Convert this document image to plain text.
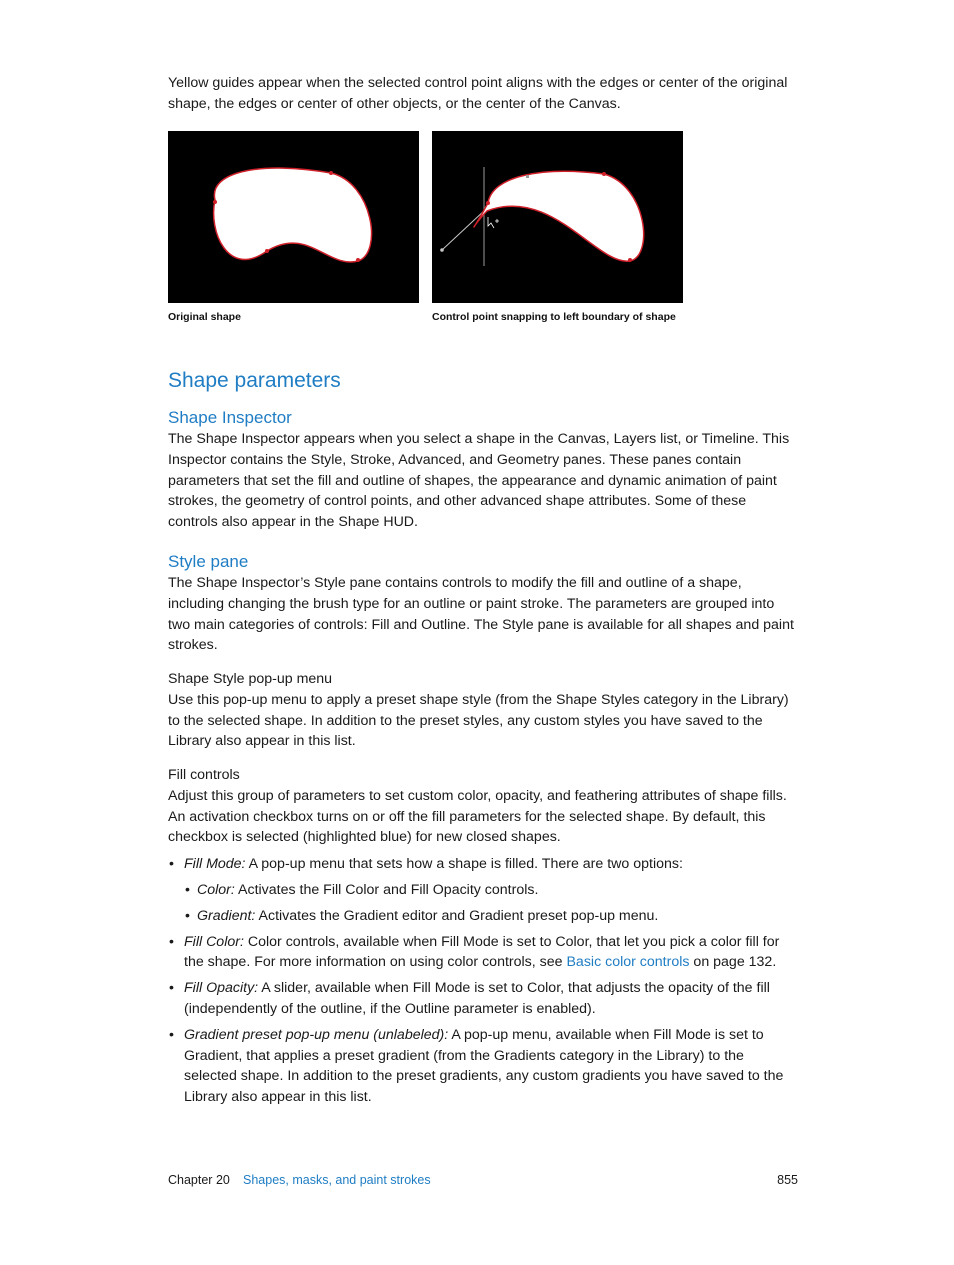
Yellow guides appear when the selected control point aligns with the edges or center of the original shape, the edges or center of other objects, or the center of the Canvas.

Original shape	Control point snapping to left boundary of shape
Shape parameters
Shape Inspector

The Shape Inspector appears when you select a shape in the Canvas, Layers list, or Timeline. This Inspector contains the Style, Stroke, Advanced, and Geometry panes. These panes contain parameters that set the fill and outline of shapes, the appearance and dynamic animation of paint strokes, the geometry of control points, and other advanced shape attributes. Some of these controls also appear in the Shape HUD.

Style pane

The Shape Inspector’s Style pane contains controls to modify the fill and outline of a shape, including changing the brush type for an outline or paint stroke. The parameters are grouped into two main categories of controls: Fill and Outline. The Style pane is available for all shapes and paint strokes.

Shape Style pop-up menu

Use this pop-up menu to apply a preset shape style (from the Shape Styles category in the Library) to the selected shape. In addition to the preset styles, any custom styles you have saved to the Library also appear in this list.

Fill controls

Adjust this group of parameters to set custom color, opacity, and feathering attributes of shape fills. An activation checkbox turns on or off the fill parameters for the selected shape. By default, this checkbox is selected (highlighted blue) for new closed shapes.

• Fill Mode: A pop-up menu that sets how a shape is filled. There are two options:
• Color: Activates the Fill Color and Fill Opacity controls.
• Gradient: Activates the Gradient editor and Gradient preset pop-up menu.
• Fill Color: Color controls, available when Fill Mode is set to Color, that let you pick a color fill for the shape. For more information on using color controls, see Basic color controls on page 132.
• Fill Opacity: A slider, available when Fill Mode is set to Color, that adjusts the opacity of the fill (independently of the outline, if the Outline parameter is enabled).
• Gradient preset pop-up menu (unlabeled): A pop-up menu, available when Fill Mode is set to Gradient, that applies a preset gradient (from the Gradients category in the Library) to the selected shape. In addition to the preset gradients, any custom gradients you have saved to the Library also appear in this list.
Chapter 20 Shapes, masks, and paint strokes	855
